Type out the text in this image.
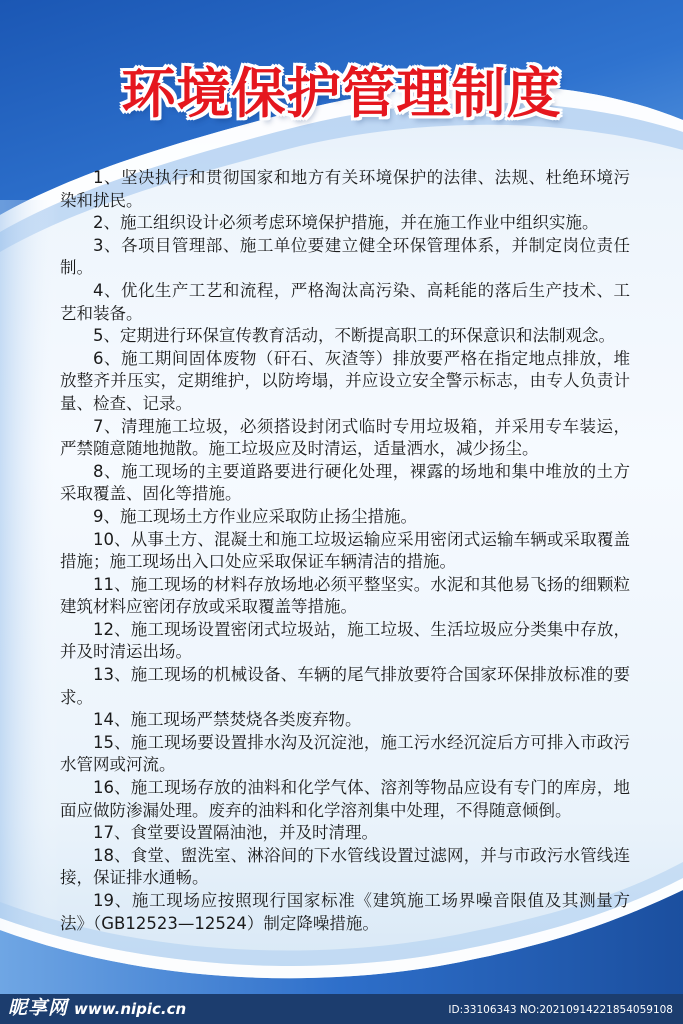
环境保护管理制度

1、坚决执行和贯彻国家和地方有关环境保护的法律、法规、杜绝环境污染和扰民。

2、施工组织设计必须考虑环境保护措施，并在施工作业中组织实施。

3、各项目管理部、施工单位要建立健全环保管理体系，并制定岗位责任制。

4、优化生产工艺和流程，严格淘汰高污染、高耗能的落后生产技术、工艺和装备。

5、定期进行环保宣传教育活动，不断提高职工的环保意识和法制观念。

6、施工期间固体废物（矸石、灰渣等）排放要严格在指定地点排放，堆放整齐并压实，定期维护，以防垮塌，并应设立安全警示标志，由专人负责计量、检查、记录。

7、清理施工垃圾，必须搭设封闭式临时专用垃圾箱，并采用专车装运，严禁随意随地抛散。施工垃圾应及时清运，适量洒水，减少扬尘。

8、施工现场的主要道路要进行硬化处理，裸露的场地和集中堆放的土方采取覆盖、固化等措施。

9、施工现场土方作业应采取防止扬尘措施。

10、从事土方、混凝土和施工垃圾运输应采用密闭式运输车辆或采取覆盖措施；施工现场出入口处应采取保证车辆清洁的措施。

11、施工现场的材料存放场地必须平整坚实。水泥和其他易飞扬的细颗粒建筑材料应密闭存放或采取覆盖等措施。

12、施工现场设置密闭式垃圾站，施工垃圾、生活垃圾应分类集中存放，并及时清运出场。

13、施工现场的机械设备、车辆的尾气排放要符合国家环保排放标准的要求。

14、施工现场严禁焚烧各类废弃物。

15、施工现场要设置排水沟及沉淀池，施工污水经沉淀后方可排入市政污水管网或河流。

16、施工现场存放的油料和化学气体、溶剂等物品应设有专门的库房，地面应做防渗漏处理。废弃的油料和化学溶剂集中处理，不得随意倾倒。

17、食堂要设置隔油池，并及时清理。

18、食堂、盥洗室、淋浴间的下水管线设置过滤网，并与市政污水管线连接，保证排水通畅。

19、施工现场应按照现行国家标准《建筑施工场界噪音限值及其测量方法》（GB12523—12524）制定降噪措施。

昵享网 www.nipic.cn	ID:33106343 NO:20210914221854059108
